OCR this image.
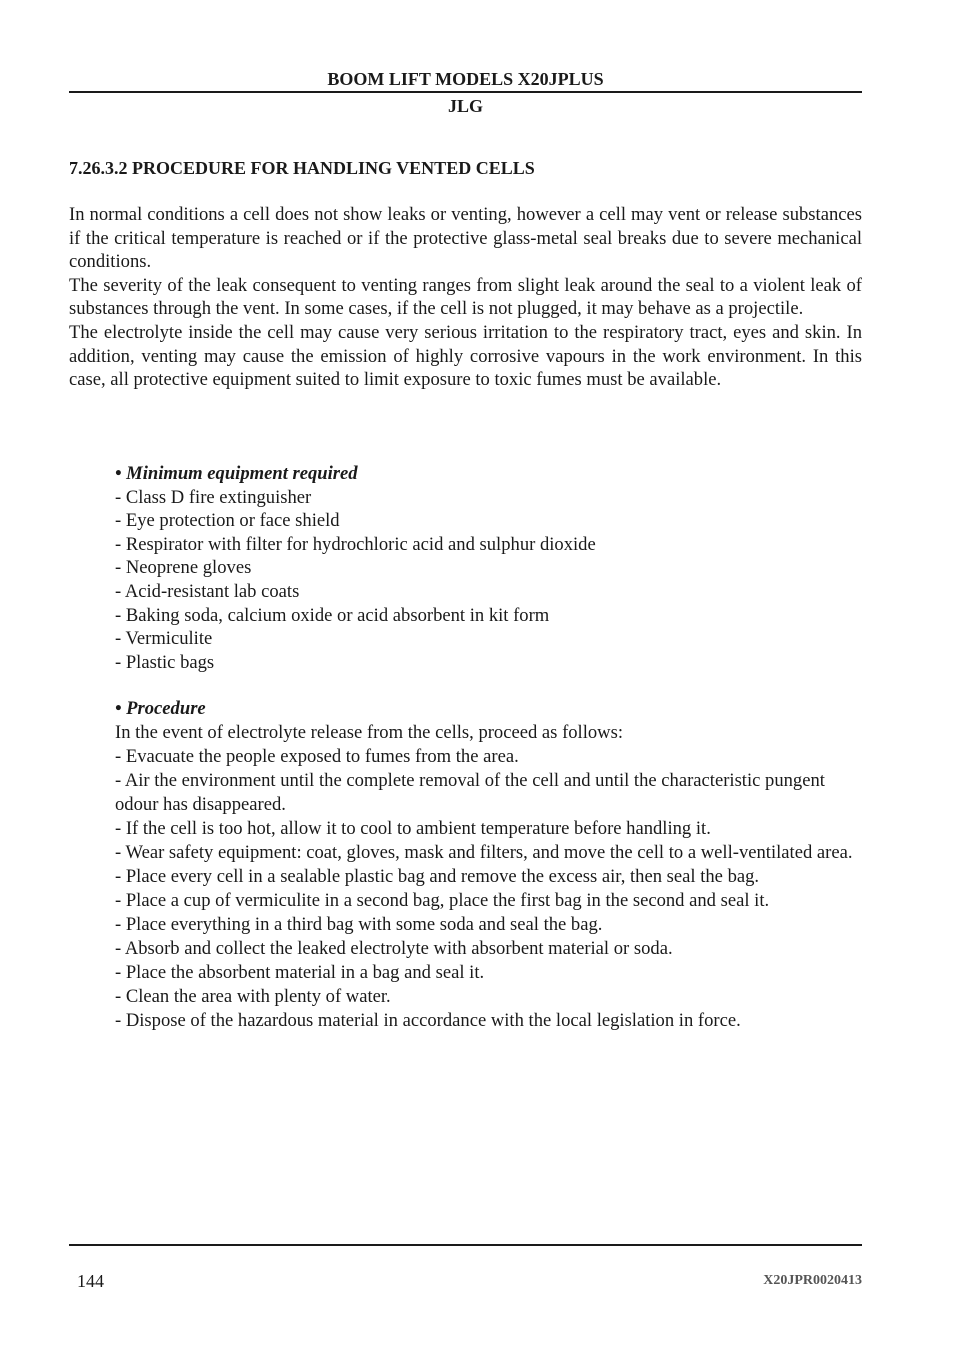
BOOM LIFT MODELS X20JPLUS
JLG
7.26.3.2 PROCEDURE FOR HANDLING VENTED CELLS

In normal conditions a cell does not show leaks or venting, however a cell may vent or release substances if the critical temperature is reached or if the protective glass-metal seal breaks due to severe mechanical conditions.

The severity of the leak consequent to venting ranges from slight leak around the seal to a violent leak of substances through the vent. In some cases, if the cell is not plugged, it may behave as a projectile.

The electrolyte inside the cell may cause very serious irritation to the respiratory tract, eyes and skin. In addition, venting may cause the emission of highly corrosive vapours in the work environment. In this case, all protective equipment suited to limit exposure to toxic fumes must be available.

• Minimum equipment required
- Class D fire extinguisher
- Eye protection or face shield
- Respirator with filter for hydrochloric acid and sulphur dioxide
- Neoprene gloves
- Acid-resistant lab coats
- Baking soda, calcium oxide or acid absorbent in kit form
- Vermiculite
- Plastic bags
• Procedure
In the event of electrolyte release from the cells, proceed as follows:
- Evacuate the people exposed to fumes from the area.
- Air the environment until the complete removal of the cell and until the characteristic pungent odour has disappeared.
- If the cell is too hot, allow it to cool to ambient temperature before handling it.
- Wear safety equipment: coat, gloves, mask and filters, and move the cell to a well-ventilated area.
- Place every cell in a sealable plastic bag and remove the excess air, then seal the bag.
- Place a cup of vermiculite in a second bag, place the first bag in the second and seal it.
- Place everything in a third bag with some soda and seal the bag.
- Absorb and collect the leaked electrolyte with absorbent material or soda.
- Place the absorbent material in a bag and seal it.
- Clean the area with plenty of water.
- Dispose of the hazardous material in accordance with the local legislation in force.
144	X20JPR0020413
